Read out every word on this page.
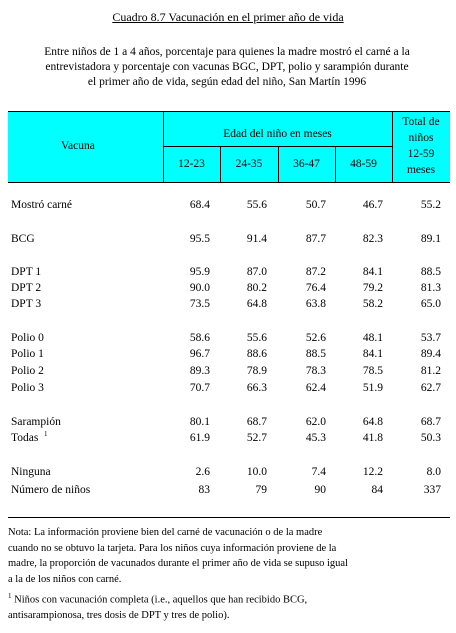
Cuadro 8.7 Vacunación en el primer año de vida
Entre niños de 1 a 4 años, porcentaje para quienes la madre mostró el carné a la
entrevistadora y porcentaje con vacunas BGC, DPT, polio y sarampión durante
el primer año de vida, según edad del niño, San Martín 1996
Vacuna
Edad del niño en meses
12-23	24-35	36-47	48-59
Total de
niños
12-59
meses
Mostró carné	68.4	55.6	50.7	46.7	55.2
BCG	95.5	91.4	87.7	82.3	89.1
DPT 1	95.9	87.0	87.2	84.1	88.5
DPT 2	90.0	80.2	76.4	79.2	81.3
DPT 3	73.5	64.8	63.8	58.2	65.0
Polio 0	58.6	55.6	52.6	48.1	53.7
Polio 1	96.7	88.6	88.5	84.1	89.4
Polio 2	89.3	78.9	78.3	78.5	81.2
Polio 3	70.7	66.3	62.4	51.9	62.7
Sarampión	80.1	68.7	62.0	64.8	68.7
Todas 1	61.9	52.7	45.3	41.8	50.3
Ninguna	2.6	10.0	7.4	12.2	8.0
Número de niños	83	79	90	84	337
Nota: La información proviene bien del carné de vacunación o de la madre
cuando no se obtuvo la tarjeta. Para los niños cuya información proviene de la
madre, la proporción de vacunados durante el primer año de vida se supuso igual
a la de los niños con carné.
$^1$ Niños con vacunación completa (i.e., aquellos que han recibido BCG,
antisarampionosa, tres dosis de DPT y tres de polio).
